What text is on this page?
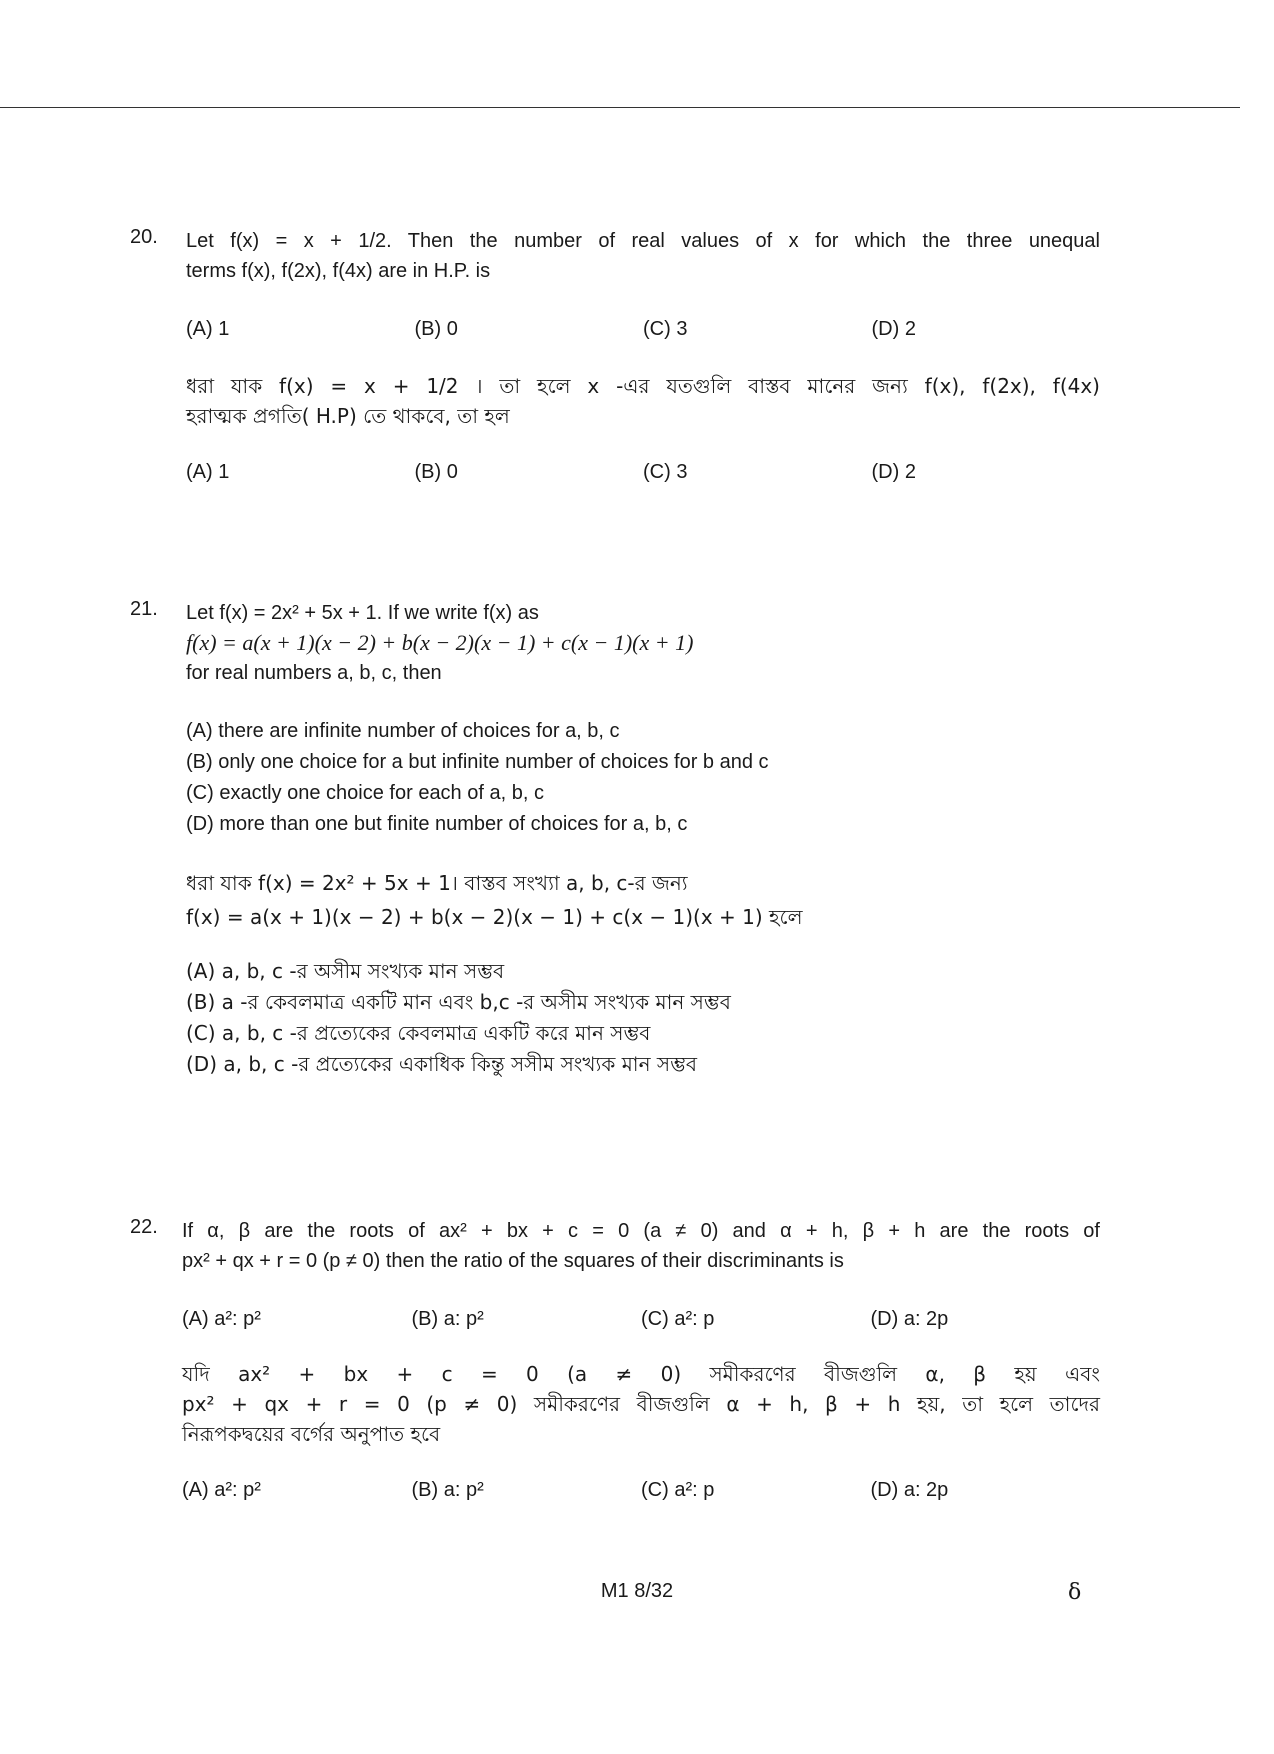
20. Let f(x) = x + 1/2. Then the number of real values of x for which the three unequal
terms f(x), f(2x), f(4x) are in H.P. is
(A) 1	(B) 0	(C) 3	(D) 2
ধরা যাক f(x) = x + 1/2 । তা হলে x -এর যতগুলি বাস্তব মানের জন্য f(x), f(2x), f(4x)
হরাত্মক প্রগতি( H.P) তে থাকবে, তা হল
(A) 1	(B) 0	(C) 3	(D) 2
21. Let f(x) = 2x² + 5x + 1. If we write f(x) as
f(x) = a(x + 1)(x − 2) + b(x − 2)(x − 1) + c(x − 1)(x + 1)
for real numbers a, b, c, then
(A) there are infinite number of choices for a, b, c
(B) only one choice for a but infinite number of choices for b and c
(C) exactly one choice for each of a, b, c
(D) more than one but finite number of choices for a, b, c
ধরা যাক f(x) = 2x² + 5x + 1। বাস্তব সংখ্যা a, b, c-র জন্য
f(x) = a(x + 1)(x − 2) + b(x − 2)(x − 1) + c(x − 1)(x + 1) হলে
(A) a, b, c -র অসীম সংখ্যক মান সম্ভব
(B) a -র কেবলমাত্র একটি মান এবং b,c -র অসীম সংখ্যক মান সম্ভব
(C) a, b, c -র প্রত্যেকের কেবলমাত্র একটি করে মান সম্ভব
(D) a, b, c -র প্রত্যেকের একাধিক কিন্তু সসীম সংখ্যক মান সম্ভব
22. If α, β are the roots of ax² + bx + c = 0 (a ≠ 0) and α + h, β + h are the roots of
px² + qx + r = 0 (p ≠ 0) then the ratio of the squares of their discriminants is
(A) a²: p²	(B) a: p²	(C) a²: p	(D) a: 2p
যদি ax² + bx + c = 0 (a ≠ 0) সমীকরণের বীজগুলি α, β হয় এবং
px² + qx + r = 0 (p ≠ 0) সমীকরণের বীজগুলি α + h, β + h হয়, তা হলে তাদের
নিরূপকদ্বয়ের বর্গের অনুপাত হবে
(A) a²: p²	(B) a: p²	(C) a²: p	(D) a: 2p
M1 8/32	δ
